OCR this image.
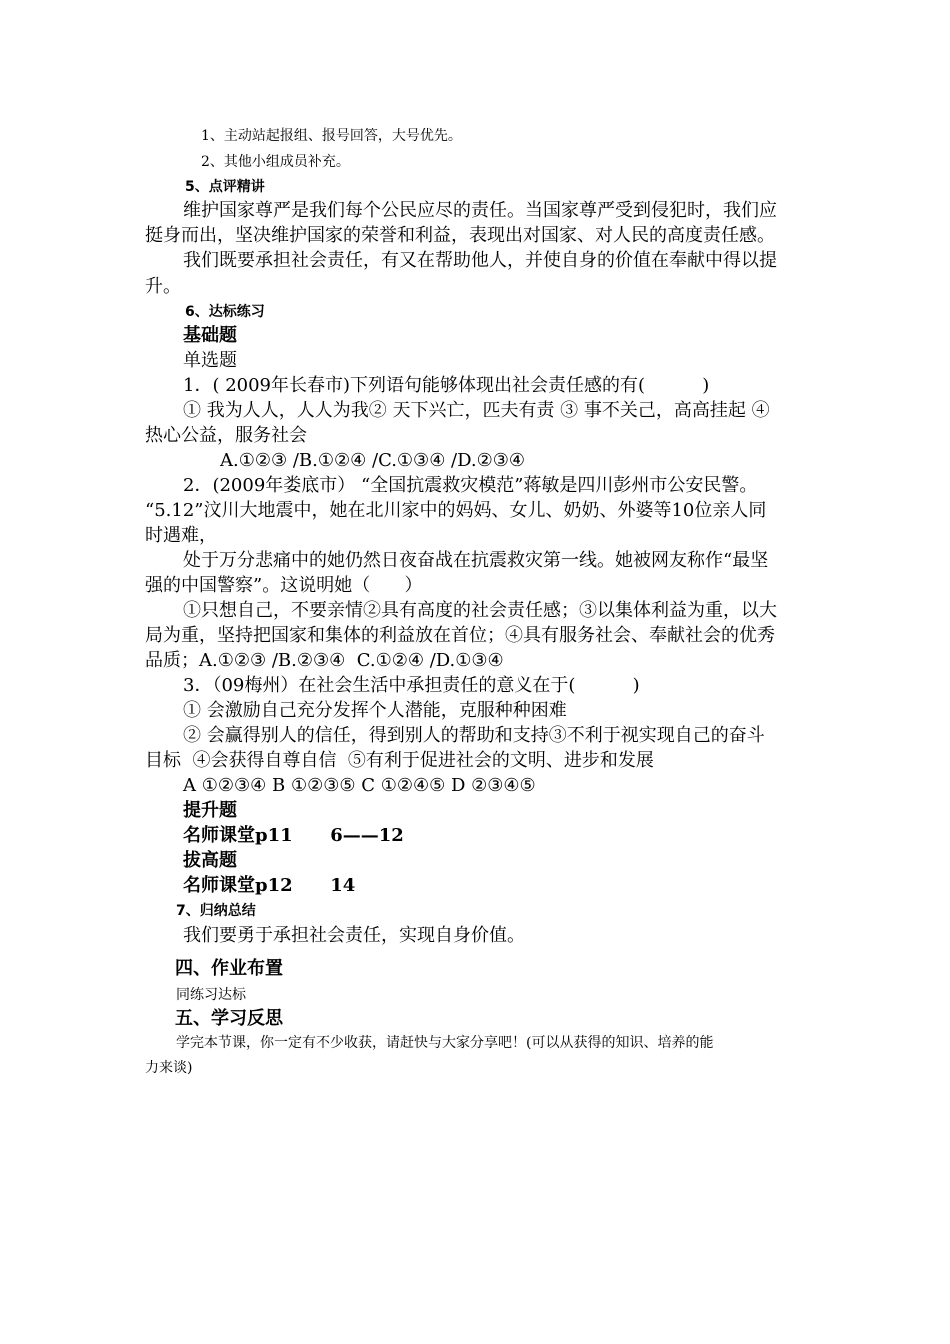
1、主动站起报组、报号回答，大号优先。
2、其他小组成员补充。
5、点评精讲
维护国家尊严是我们每个公民应尽的责任。当国家尊严受到侵犯时，我们应
挺身而出，坚决维护国家的荣誉和利益，表现出对国家、对人民的高度责任感。
我们既要承担社会责任，有又在帮助他人，并使自身的价值在奉献中得以提
升。
6、达标练习
基础题
单选题
1．( 2009年长春市)下列语句能够体现出社会责任感的有(          )
① 我为人人，人人为我② 天下兴亡，匹夫有责 ③ 事不关己，高高挂起 ④
热心公益，服务社会
A.①②③ /B.①②④ /C.①③④ /D.②③④
2．(2009年娄底市） “全国抗震救灾模范”蒋敏是四川彭州市公安民警。
“5.12”汶川大地震中，她在北川家中的妈妈、女儿、奶奶、外婆等10位亲人同
时遇难，
处于万分悲痛中的她仍然日夜奋战在抗震救灾第一线。她被网友称作“最坚
强的中国警察”。这说明她（      ）
①只想自己，不要亲情②具有高度的社会责任感；③以集体利益为重，以大
局为重，坚持把国家和集体的利益放在首位；④具有服务社会、奉献社会的优秀
品质；A.①②③ /B.②③④  C.①②④ /D.①③④
3．（09梅州）在社会生活中承担责任的意义在于(          )
① 会激励自己充分发挥个人潜能，克服种种困难
② 会赢得别人的信任，得到别人的帮助和支持③不利于视实现自己的奋斗
目标  ④会获得自尊自信  ⑤有利于促进社会的文明、进步和发展
A ①②③④ B ①②③⑤ C ①②④⑤ D ②③④⑤
提升题
名师课堂p11      6——12
拔高题
名师课堂p12      14
7、归纳总结
我们要勇于承担社会责任，实现自身价值。
四、作业布置
同练习达标
五、学习反思
学完本节课，你一定有不少收获，请赶快与大家分享吧！(可以从获得的知识、培养的能
力来谈)
